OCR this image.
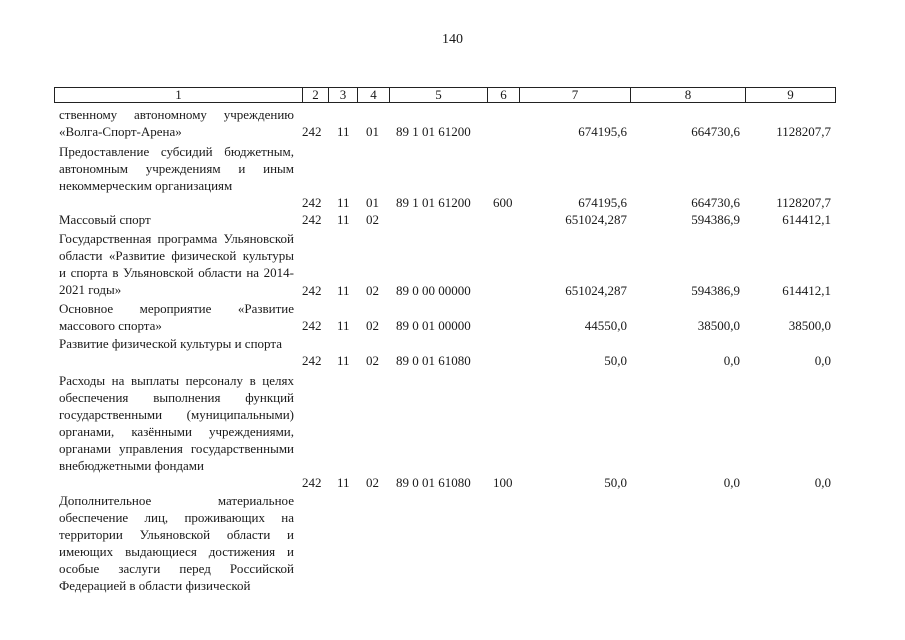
140
1	2	3	4	5	6	7	8	9
ственному автономному учреждению «Волга-Спорт-Арена»	242 11 01 89 1 01 61200	674195,6	664730,6	1128207,7
Предоставление субсидий бюджетным, автономным учреждениям и иным некоммерческим организациям
242 11 01 89 1 01 61200 600	674195,6	664730,6	1128207,7
Массовый спорт	242 11 02	651024,287	594386,9	614412,1
Государственная программа Ульяновской области «Развитие физической культуры и спорта в Ульяновской области на 2014-2021 годы»	242 11 02 89 0 00 00000	651024,287	594386,9	614412,1
Основное мероприятие «Развитие массового спорта»	242 11 02 89 0 01 00000	44550,0	38500,0	38500,0
Развитие физической культуры и спорта
242 11 02 89 0 01 61080	50,0	0,0	0,0
Расходы на выплаты персоналу в целях обеспечения выполнения функций государственными (муниципальными) органами, казёнными учреждениями, органами управления государственными внебюджетными фондами
242 11 02 89 0 01 61080 100	50,0	0,0	0,0
Дополнительное материальное обеспечение лиц, проживающих на территории Ульяновской области и имеющих выдающиеся достижения и особые заслуги перед Российской Федерацией в области физической
